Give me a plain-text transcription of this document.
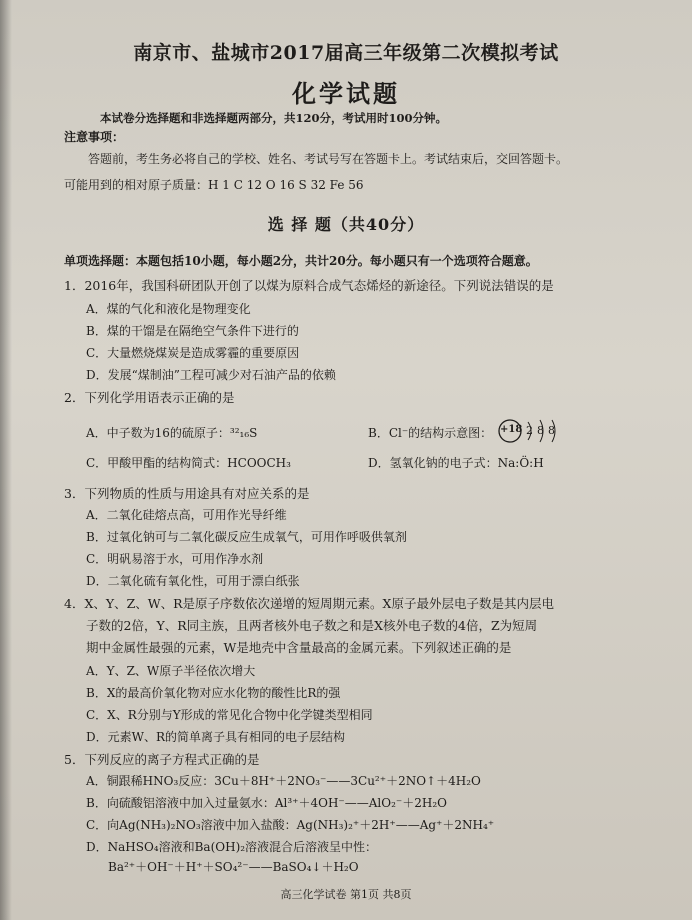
南京市、盐城市2017届高三年级第二次模拟考试
化学试题
本试卷分选择题和非选择题两部分，共120分，考试用时100分钟。
注意事项：
答题前，考生务必将自己的学校、姓名、考试号写在答题卡上。考试结束后，交回答题卡。
可能用到的相对原子质量：H 1 C 12 O 16 S 32 Fe 56
选 择 题（共40分）
单项选择题：本题包括10小题，每小题2分，共计20分。每小题只有一个选项符合题意。
1．2016年，我国科研团队开创了以煤为原料合成气态烯烃的新途径。下列说法错误的是
A．煤的气化和液化是物理变化
B．煤的干馏是在隔绝空气条件下进行的
C．大量燃烧煤炭是造成雾霾的重要原因
D．发展“煤制油”工程可减少对石油产品的依赖
2．下列化学用语表示正确的是
A．中子数为16的硫原子：³²₁₆S	B．Cl⁻的结构示意图： +18 288
C．甲酸甲酯的结构简式：HCOOCH₃	D．氢氧化钠的电子式：Na:Ö:H
3．下列物质的性质与用途具有对应关系的是
A．二氧化硅熔点高，可用作光导纤维
B．过氧化钠可与二氧化碳反应生成氧气，可用作呼吸供氧剂
C．明矾易溶于水，可用作净水剂
D．二氧化硫有氧化性，可用于漂白纸张
4．X、Y、Z、W、R是原子序数依次递增的短周期元素。X原子最外层电子数是其内层电
子数的2倍，Y、R同主族，且两者核外电子数之和是X核外电子数的4倍，Z为短周
期中金属性最强的元素，W是地壳中含量最高的金属元素。下列叙述正确的是
A．Y、Z、W原子半径依次增大
B．X的最高价氧化物对应水化物的酸性比R的强
C．X、R分别与Y形成的常见化合物中化学键类型相同
D．元素W、R的简单离子具有相同的电子层结构
5．下列反应的离子方程式正确的是
A．铜跟稀HNO₃反应：3Cu＋8H⁺＋2NO₃⁻——3Cu²⁺＋2NO↑＋4H₂O
B．向硫酸铝溶液中加入过量氨水：Al³⁺＋4OH⁻——AlO₂⁻＋2H₂O
C．向Ag(NH₃)₂NO₃溶液中加入盐酸：Ag(NH₃)₂⁺＋2H⁺——Ag⁺＋2NH₄⁺
D．NaHSO₄溶液和Ba(OH)₂溶液混合后溶液呈中性：
Ba²⁺＋OH⁻＋H⁺＋SO₄²⁻——BaSO₄↓＋H₂O
高三化学试卷 第1页 共8页
